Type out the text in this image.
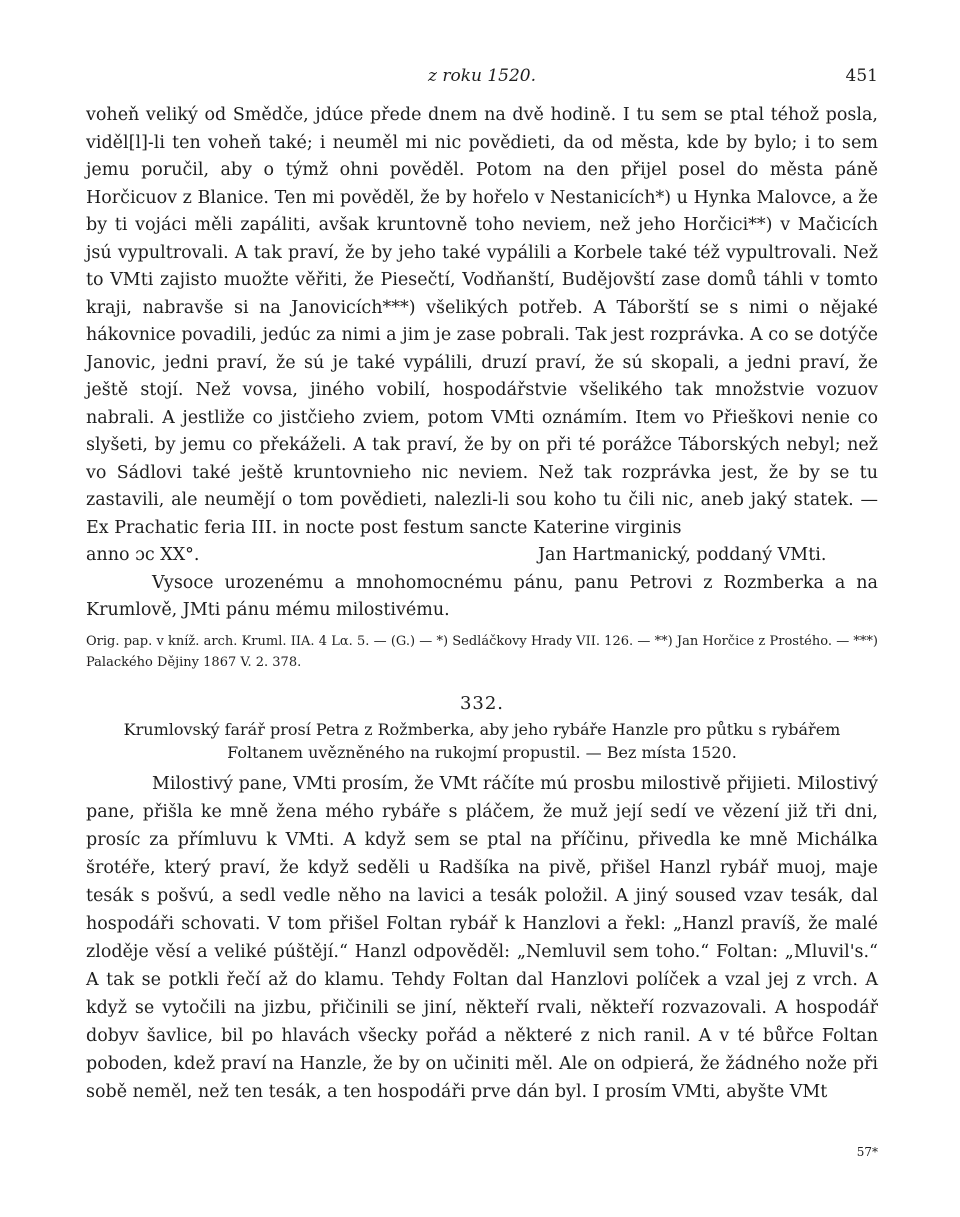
z roku 1520.	451

voheň veliký od Smědče, jdúce přede dnem na dvě hodině. I tu sem se ptal téhož posla, viděl[l]-li ten voheň také; i neuměl mi nic povědieti, da od města, kde by bylo; i to sem jemu poručil, aby o týmž ohni pověděl. Potom na den přijel posel do města páně Horčicuov z Blanice. Ten mi pověděl, že by hořelo v Nestanicích*) u Hynka Malovce, a že by ti vojáci měli zapáliti, avšak kruntovně toho neviem, než jeho Horčici**) v Mačicích jsú vypultrovali. A tak praví, že by jeho také vypálili a Korbele také též vypultrovali. Než to VMti zajisto muožte věřiti, že Piesečtí, Vodňanští, Budějovští zase domů táhli v tomto kraji, nabravše si na Janovicích***) všelikých potřeb. A Táborští se s nimi o nějaké hákovnice povadili, jedúc za nimi a jim je zase pobrali. Tak jest rozprávka. A co se dotýče Janovic, jedni praví, že sú je také vypálili, druzí praví, že sú skopali, a jedni praví, že ještě stojí. Než vovsa, jiného vobilí, hospodářstvie všelikého tak množstvie vozuov nabrali. A jestliže co jistčieho zviem, potom VMti oznámím. Item vo Přieškovi nenie co slyšeti, by jemu co překáželi. A tak praví, že by on při té porážce Táborských nebyl; než vo Sádlovi také ještě kruntovnieho nic neviem. Než tak rozprávka jest, že by se tu zastavili, ale neumějí o tom povědieti, nalezli-li sou koho tu čili nic, aneb jaký statek. — Ex Prachatic feria III. in nocte post festum sancte Katerine virginis

anno ɔc XX°.	Jan Hartmanický, poddaný VMti.

Vysoce urozenému a mnohomocnému pánu, panu Petrovi z Rozmberka a na Krumlově, JMti pánu mému milostivému.

Orig. pap. v kníž. arch. Kruml. IIA. 4 Lα. 5. — (G.) — *) Sedláčkovy Hrady VII. 126. — **) Jan Horčice z Prostého. — ***) Palackého Dějiny 1867 V. 2. 378.

332.
Krumlovský farář prosí Petra z Rožmberka, aby jeho rybáře Hanzle pro půtku s rybářem Foltanem uvězněného na rukojmí propustil. — Bez místa 1520.

Milostivý pane, VMti prosím, že VMt ráčíte mú prosbu milostivě přijieti. Milostivý pane, přišla ke mně žena mého rybáře s pláčem, že muž její sedí ve vězení již tři dni, prosíc za přímluvu k VMti. A když sem se ptal na příčinu, přivedla ke mně Michálka šrotéře, který praví, že když seděli u Radšíka na pivě, přišel Hanzl rybář muoj, maje tesák s pošvú, a sedl vedle něho na lavici a tesák položil. A jiný soused vzav tesák, dal hospodáři schovati. V tom přišel Foltan rybář k Hanzlovi a řekl: „Hanzl pravíš, že malé zloděje věsí a veliké púštějí.“ Hanzl odpověděl: „Nemluvil sem toho.“ Foltan: „Mluvil's.“ A tak se potkli řečí až do klamu. Tehdy Foltan dal Hanzlovi políček a vzal jej z vrch. A když se vytočili na jizbu, přičinili se jiní, někteří rvali, někteří rozvazovali. A hospodář dobyv šavlice, bil po hlavách všecky pořád a některé z nich ranil. A v té bůřce Foltan poboden, kdež praví na Hanzle, že by on učiniti měl. Ale on odpierá, že žádného nože při sobě neměl, než ten tesák, a ten hospodáři prve dán byl. I prosím VMti, abyšte VMt

57*
